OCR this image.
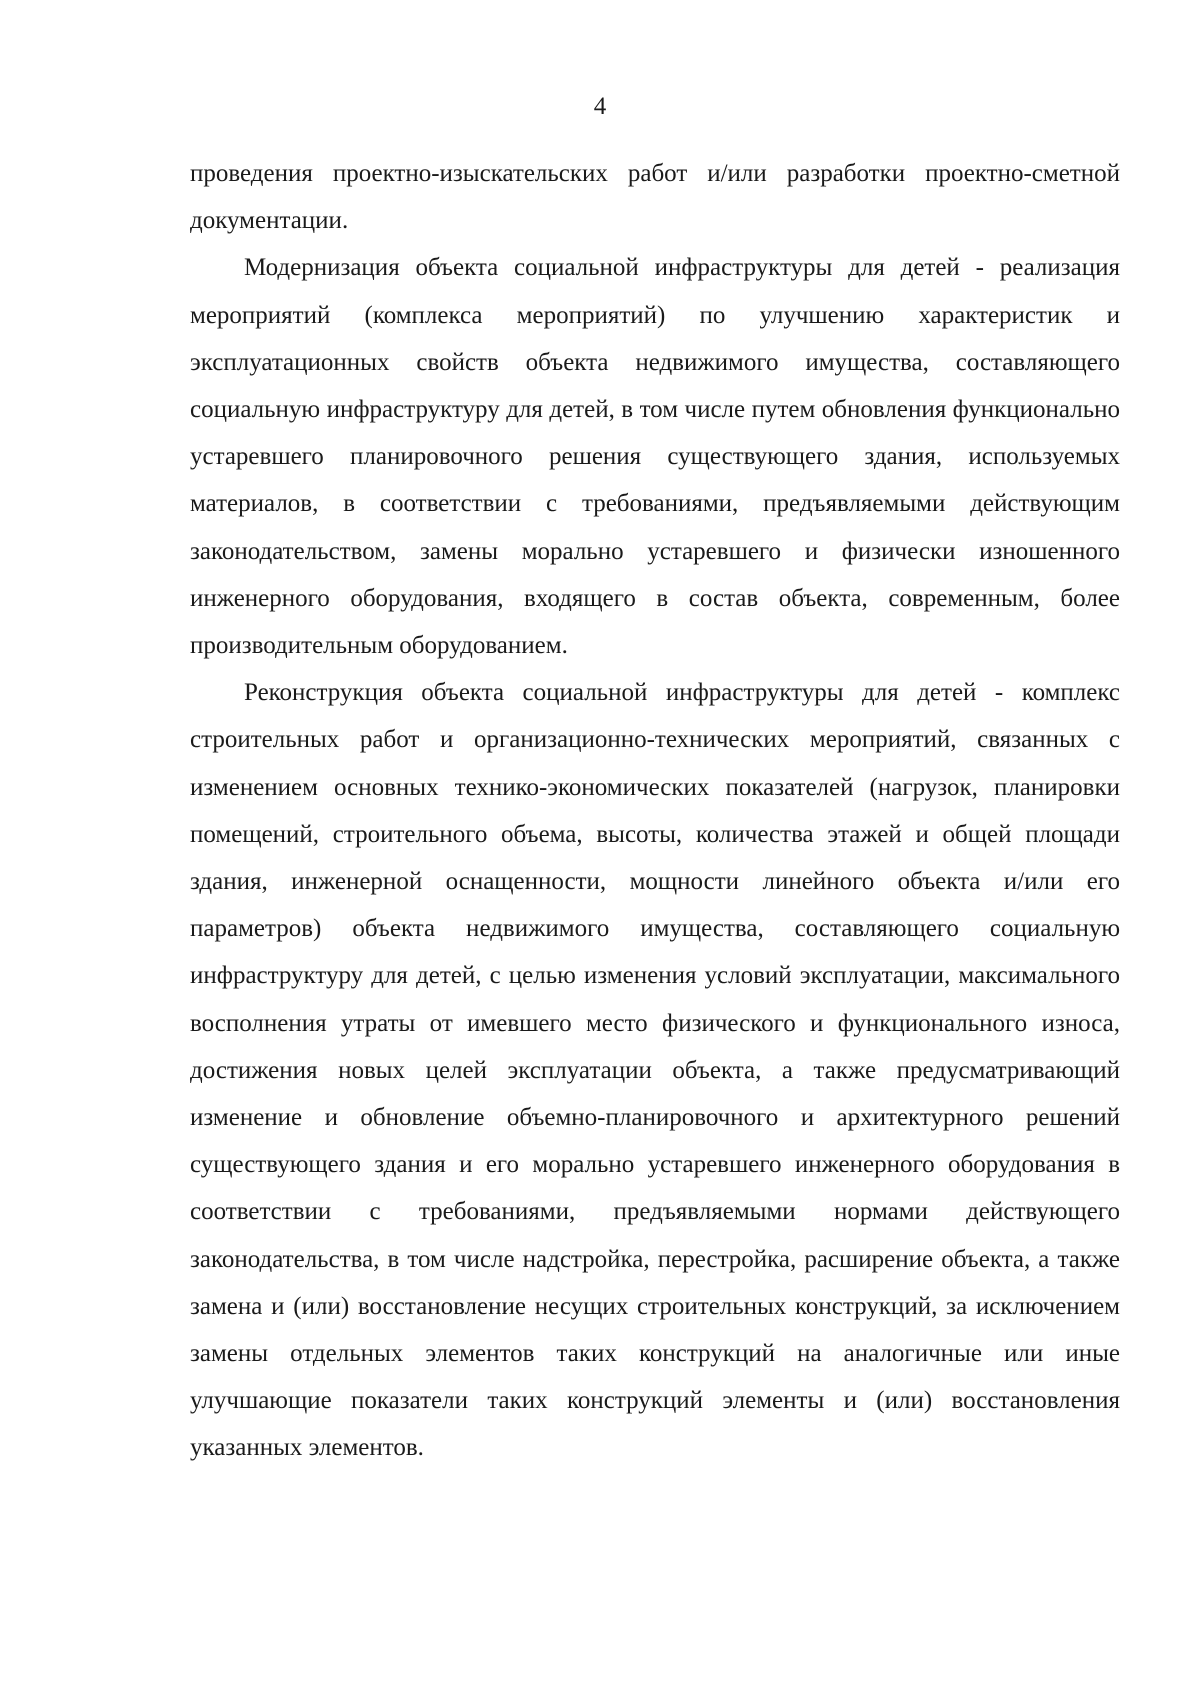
4

проведения проектно-изыскательских работ и/или разработки проектно-сметной документации.

Модернизация объекта социальной инфраструктуры для детей - реализация мероприятий (комплекса мероприятий) по улучшению характеристик и эксплуатационных свойств объекта недвижимого имущества, составляющего социальную инфраструктуру для детей, в том числе путем обновления функционально устаревшего планировочного решения существующего здания, используемых материалов, в соответствии с требованиями, предъявляемыми действующим законодательством, замены морально устаревшего и физически изношенного инженерного оборудования, входящего в состав объекта, современным, более производительным оборудованием.

Реконструкция объекта социальной инфраструктуры для детей - комплекс строительных работ и организационно-технических мероприятий, связанных с изменением основных технико-экономических показателей (нагрузок, планировки помещений, строительного объема, высоты, количества этажей и общей площади здания, инженерной оснащенности, мощности линейного объекта и/или его параметров) объекта недвижимого имущества, составляющего социальную инфраструктуру для детей, с целью изменения условий эксплуатации, максимального восполнения утраты от имевшего место физического и функционального износа, достижения новых целей эксплуатации объекта, а также предусматривающий изменение и обновление объемно-планировочного и архитектурного решений существующего здания и его морально устаревшего инженерного оборудования в соответствии с требованиями, предъявляемыми нормами действующего законодательства, в том числе надстройка, перестройка, расширение объекта, а также замена и (или) восстановление несущих строительных конструкций, за исключением замены отдельных элементов таких конструкций на аналогичные или иные улучшающие показатели таких конструкций элементы и (или) восстановления указанных элементов.
